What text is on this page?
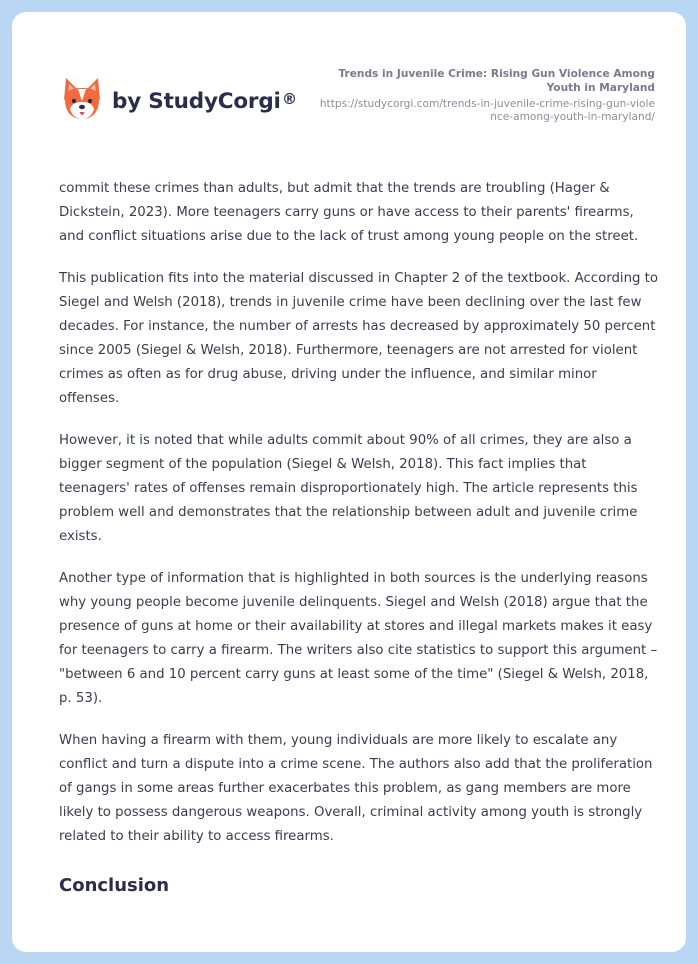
by StudyCorgi ®
Trends in Juvenile Crime: Rising Gun Violence Among Youth in Maryland
https://studycorgi.com/trends-in-juvenile-crime-rising-gun-violence-among-youth-in-maryland/

commit these crimes than adults, but admit that the trends are troubling (Hager & Dickstein, 2023). More teenagers carry guns or have access to their parents' firearms, and conflict situations arise due to the lack of trust among young people on the street.

This publication fits into the material discussed in Chapter 2 of the textbook. According to Siegel and Welsh (2018), trends in juvenile crime have been declining over the last few decades. For instance, the number of arrests has decreased by approximately 50 percent since 2005 (Siegel & Welsh, 2018). Furthermore, teenagers are not arrested for violent crimes as often as for drug abuse, driving under the influence, and similar minor offenses.

However, it is noted that while adults commit about 90% of all crimes, they are also a bigger segment of the population (Siegel & Welsh, 2018). This fact implies that teenagers' rates of offenses remain disproportionately high. The article represents this problem well and demonstrates that the relationship between adult and juvenile crime exists.

Another type of information that is highlighted in both sources is the underlying reasons why young people become juvenile delinquents. Siegel and Welsh (2018) argue that the presence of guns at home or their availability at stores and illegal markets makes it easy for teenagers to carry a firearm. The writers also cite statistics to support this argument – "between 6 and 10 percent carry guns at least some of the time" (Siegel & Welsh, 2018, p. 53).

When having a firearm with them, young individuals are more likely to escalate any conflict and turn a dispute into a crime scene. The authors also add that the proliferation of gangs in some areas further exacerbates this problem, as gang members are more likely to possess dangerous weapons. Overall, criminal activity among youth is strongly related to their ability to access firearms.

Conclusion
